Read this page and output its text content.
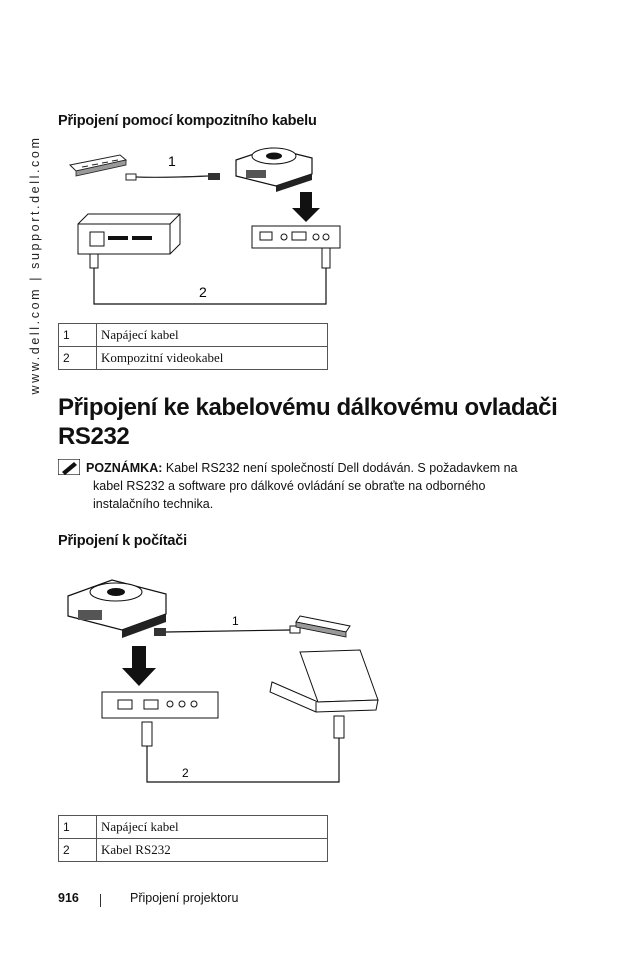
www.dell.com | support.dell.com
Připojení pomocí kompozitního kabelu
1
2
1	Napájecí kabel
2	Kompozitní videokabel
Připojení ke kabelovému dálkovému ovladači RS232
POZNÁMKA: Kabel RS232 není společností Dell dodáván. S požadavkem na
kabel RS232 a software pro dálkové ovládání se obraťte na odborného
instalačního technika.
Připojení k počítači
1
2
1	Napájecí kabel
2	Kabel RS232
916	Připojení projektoru
